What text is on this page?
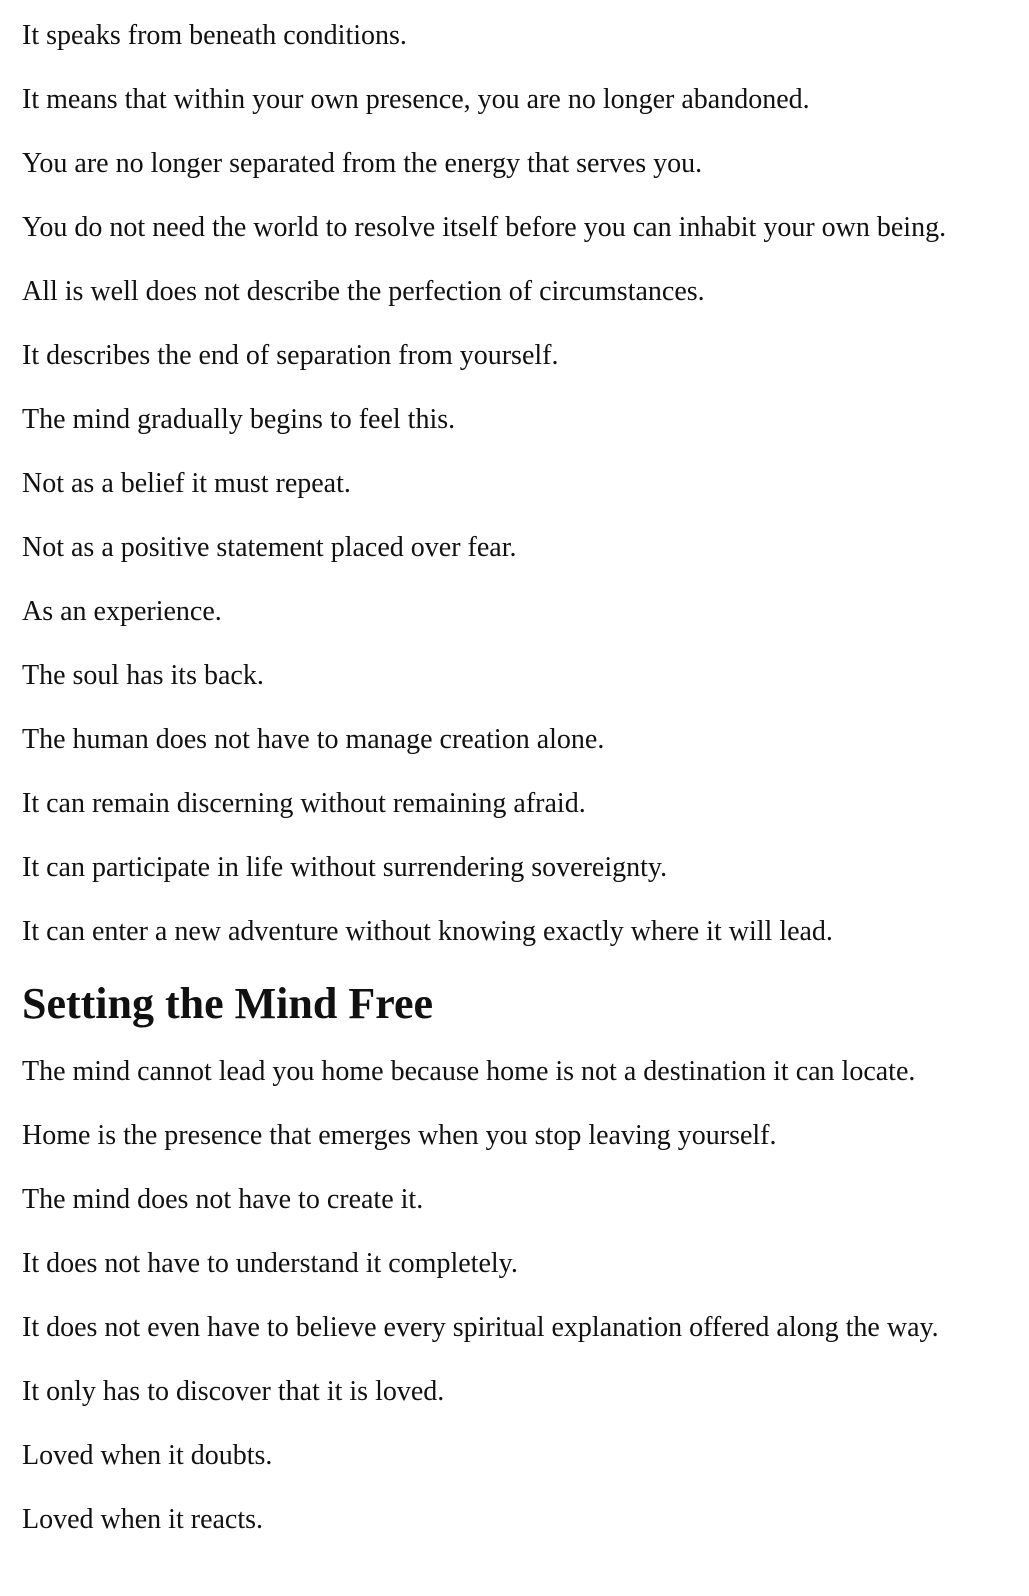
It speaks from beneath conditions.

It means that within your own presence, you are no longer abandoned.

You are no longer separated from the energy that serves you.

You do not need the world to resolve itself before you can inhabit your own being.

All is well does not describe the perfection of circumstances.

It describes the end of separation from yourself.

The mind gradually begins to feel this.

Not as a belief it must repeat.

Not as a positive statement placed over fear.

As an experience.

The soul has its back.

The human does not have to manage creation alone.

It can remain discerning without remaining afraid.

It can participate in life without surrendering sovereignty.

It can enter a new adventure without knowing exactly where it will lead.

Setting the Mind Free

The mind cannot lead you home because home is not a destination it can locate.

Home is the presence that emerges when you stop leaving yourself.

The mind does not have to create it.

It does not have to understand it completely.

It does not even have to believe every spiritual explanation offered along the way.

It only has to discover that it is loved.

Loved when it doubts.

Loved when it reacts.
